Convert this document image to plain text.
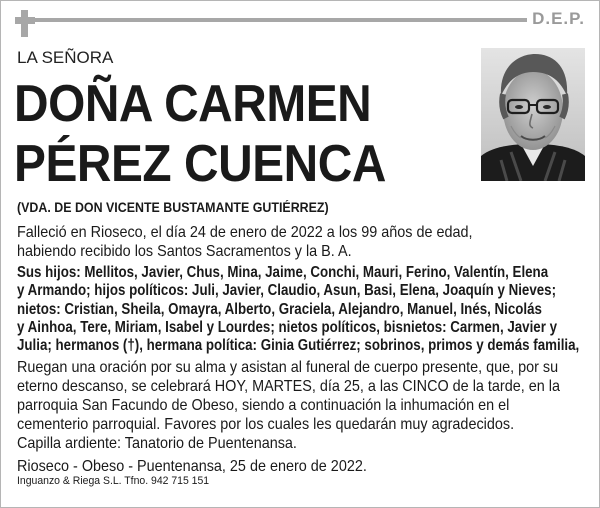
D.E.P.
LA SEÑORA
DOÑA CARMEN
PÉREZ CUENCA
(VDA. DE DON VICENTE BUSTAMANTE GUTIÉRREZ)

Falleció en Rioseco, el día 24 de enero de 2022 a los 99 años de edad,
habiendo recibido los Santos Sacramentos y la B. A.

Sus hijos: Mellitos, Javier, Chus, Mina, Jaime, Conchi, Mauri, Ferino, Valentín, Elena
y Armando; hijos políticos: Juli, Javier, Claudio, Asun, Basi, Elena, Joaquín y Nieves;
nietos: Cristian, Sheila, Omayra, Alberto, Graciela, Alejandro, Manuel, Inés, Nicolás
y Ainhoa, Tere, Miriam, Isabel y Lourdes; nietos políticos, bisnietos: Carmen, Javier y
Julia; hermanos (†), hermana política: Ginia Gutiérrez; sobrinos, primos y demás familia,

Ruegan una oración por su alma y asistan al funeral de cuerpo presente, que, por su
eterno descanso, se celebrará HOY, MARTES, día 25, a las CINCO de la tarde, en la
parroquia San Facundo de Obeso, siendo a continuación la inhumación en el
cementerio parroquial. Favores por los cuales les quedarán muy agradecidos.
Capilla ardiente: Tanatorio de Puentenansa.

Rioseco - Obeso - Puentenansa, 25 de enero de 2022.

Inguanzo & Riega S.L. Tfno. 942 715 151
